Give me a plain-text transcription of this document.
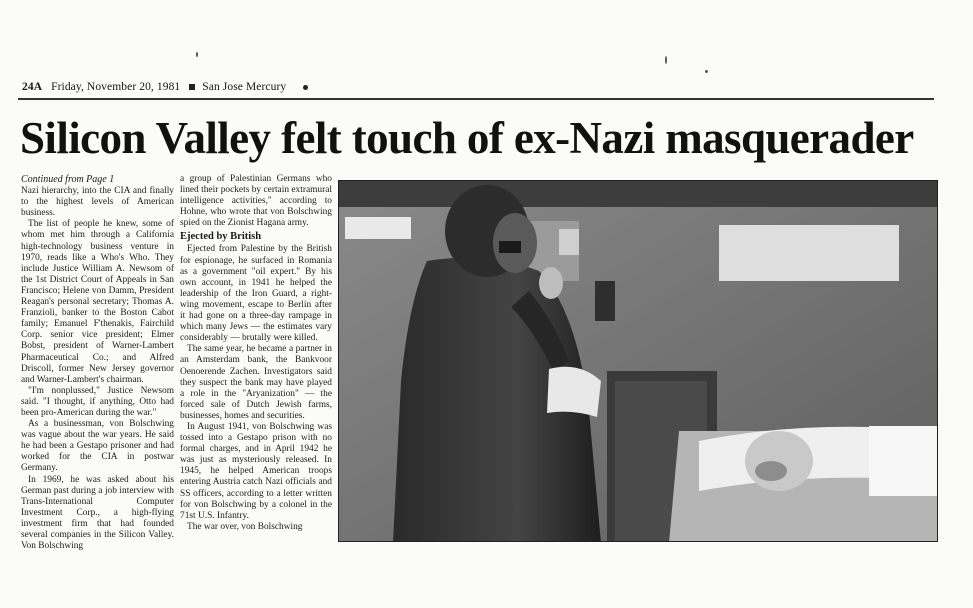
24A Friday, November 20, 1981 San Jose Mercury
Silicon Valley felt touch of ex-Nazi masquerader
Continued from Page 1

Nazi hierarchy, into the CIA and finally to the highest levels of American business.

The list of people he knew, some of whom met him through a California high-technology business venture in 1970, reads like a Who's Who. They include Justice William A. Newsom of the 1st District Court of Appeals in San Francisco; Helene von Damm, President Reagan's personal secretary; Thomas A. Franzioli, banker to the Boston Cabot family; Emanuel F'thenakis, Fairchild Corp. senior vice president; Elmer Bobst, president of Warner-Lambert Pharmaceutical Co.; and Alfred Driscoll, former New Jersey governor and Warner-Lambert's chairman.

"I'm nonplussed," Justice Newsom said. "I thought, if anything, Otto had been pro-American during the war."

As a businessman, von Bolschwing was vague about the war years. He said he had been a Gestapo prisoner and had worked for the CIA in postwar Germany.

In 1969, he was asked about his German past during a job interview with Trans-International Computer Investment Corp., a high-flying investment firm that had founded several companies in the Silicon Valley. Von Bolschwing

a group of Palestinian Germans who lined their pockets by certain extramural intelligence activities," according to Hohne, who wrote that von Bolschwing spied on the Zionist Hagana army.

Ejected by British

Ejected from Palestine by the British for espionage, he surfaced in Romania as a government "oil expert." By his own account, in 1941 he helped the leadership of the Iron Guard, a right-wing movement, escape to Berlin after it had gone on a three-day rampage in which many Jews — the estimates vary considerably — brutally were killed.

The same year, he became a partner in an Amsterdam bank, the Bankvoor Oenoerende Zachen. Investigators said they suspect the bank may have played a role in the "Aryanization" — the forced sale of Dutch Jewish farms, businesses, homes and securities.

In August 1941, von Bolschwing was tossed into a Gestapo prison with no formal charges, and in April 1942 he was just as mysteriously released. In 1945, he helped American troops entering Austria catch Nazi officials and SS officers, according to a letter written for von Bolschwing by a colonel in the 71st U.S. Infantry.

The war over, von Bolschwing
